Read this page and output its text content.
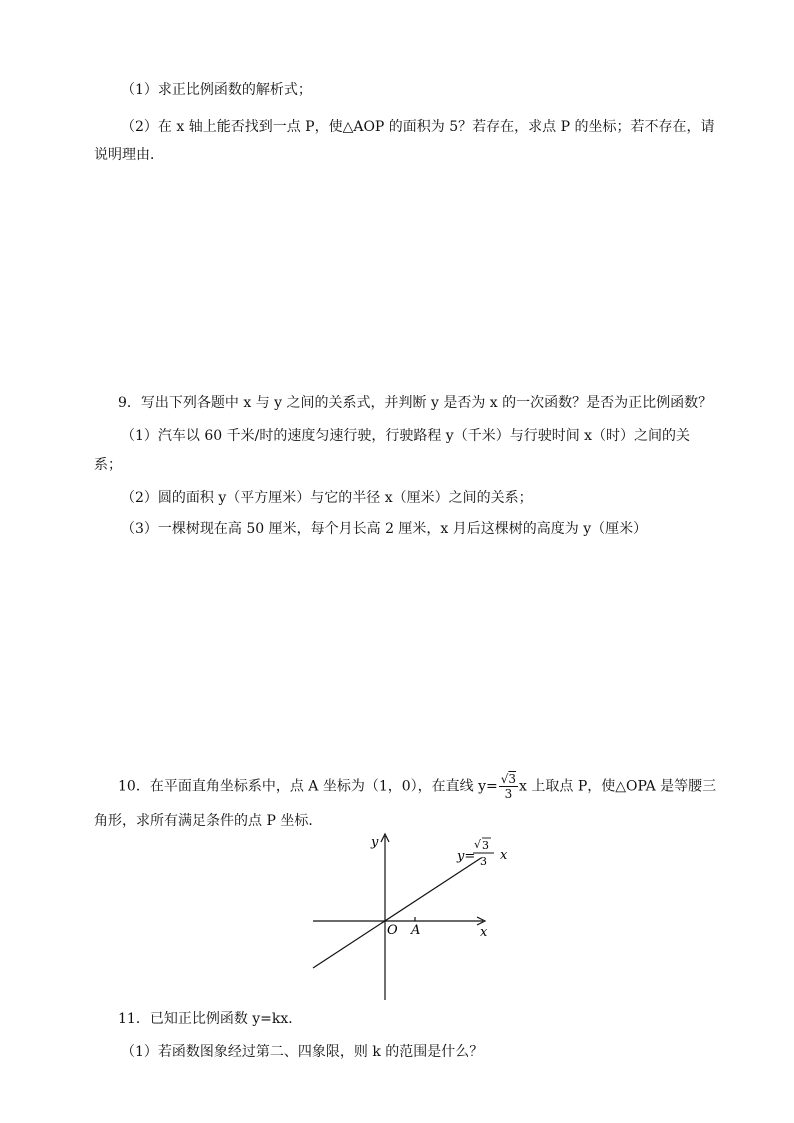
（1）求正比例函数的解析式；
（2）在 x 轴上能否找到一点 P，使△AOP 的面积为 5？若存在，求点 P 的坐标；若不存在，请
说明理由．
9．写出下列各题中 x 与 y 之间的关系式，并判断 y 是否为 x 的一次函数？是否为正比例函数？
（1）汽车以 60 千米/时的速度匀速行驶，行驶路程 y（千米）与行驶时间 x（时）之间的关
系；
（2）圆的面积 y（平方厘米）与它的半径 x（厘米）之间的关系；
（3）一棵树现在高 50 厘米，每个月长高 2 厘米，x 月后这棵树的高度为 y（厘米）
10．在平面直角坐标系中，点 A 坐标为（1，0），在直线 $y= \frac{√3}{3}$ x 上取点 P，使△OPA 是等腰三
角形，求所有满足条件的点 P 坐标．
y
x
O A
y=
√ 3
3 x
11．已知正比例函数 y=kx．
（1）若函数图象经过第二、四象限，则 k 的范围是什么？
